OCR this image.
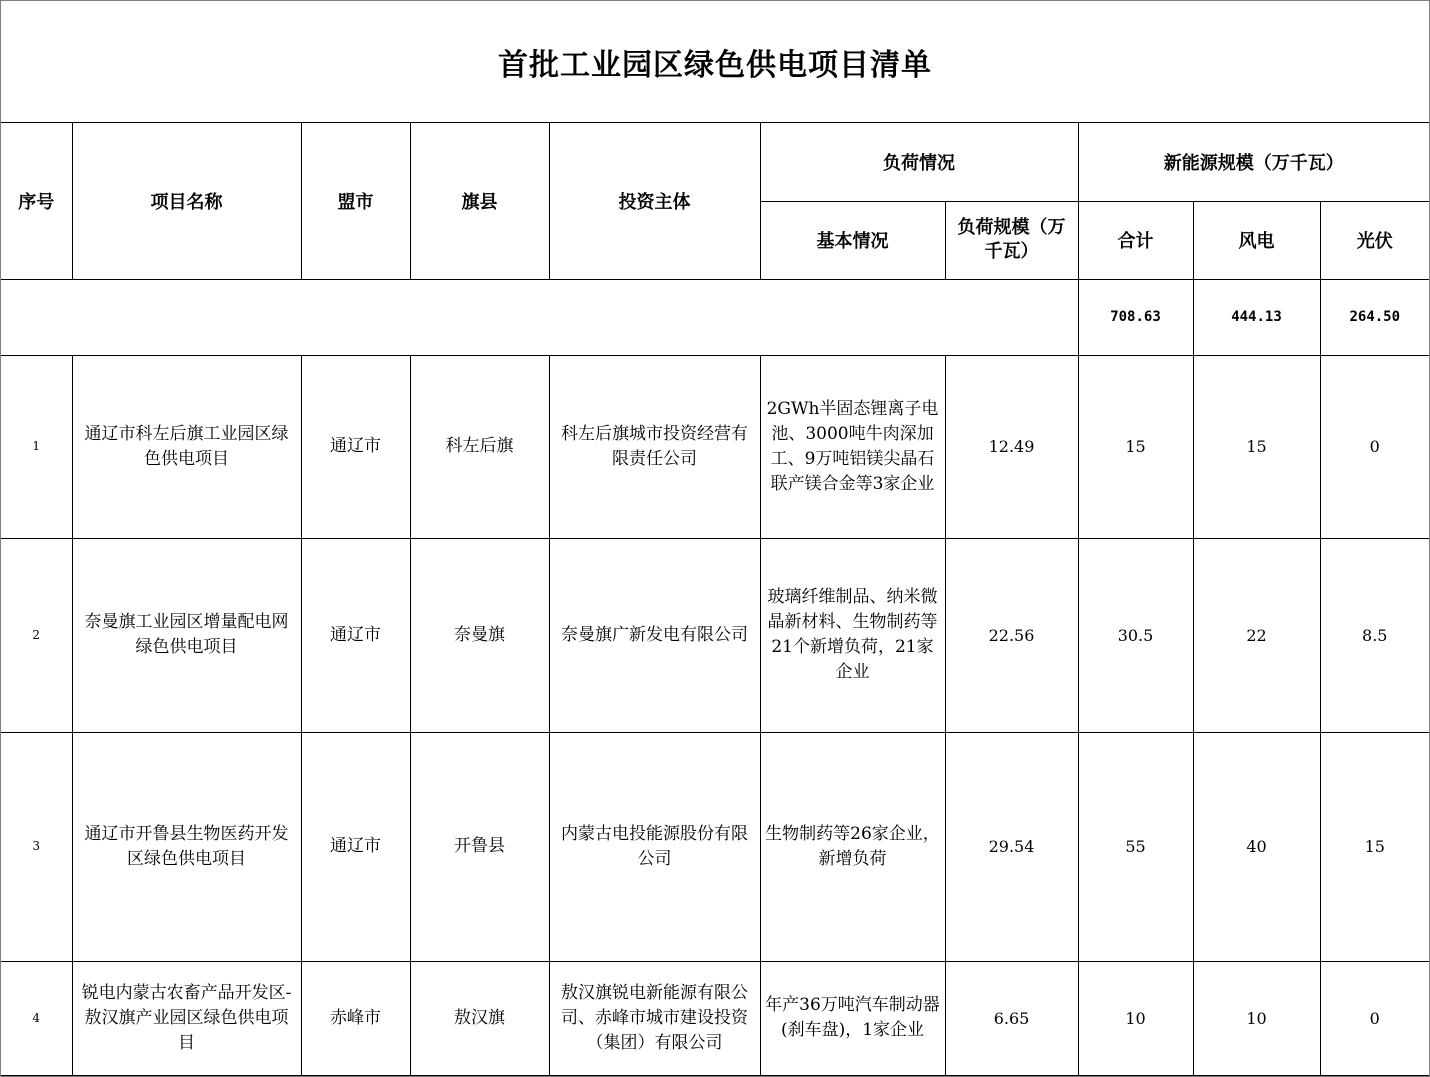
首批工业园区绿色供电项目清单
序号	项目名称	盟市	旗县	投资主体	负荷情况		新能源规模（万千瓦）		
					基本情况	负荷规模（万千瓦）	合计	风电	光伏
							708.63	444.13	264.50
1	通辽市科左后旗工业园区绿色供电项目	通辽市	科左后旗	科左后旗城市投资经营有限责任公司	2GWh半固态锂离子电池、3000吨牛肉深加工、9万吨铝镁尖晶石联产镁合金等3家企业	12.49	15	15	0
2	奈曼旗工业园区增量配电网绿色供电项目	通辽市	奈曼旗	奈曼旗广新发电有限公司	玻璃纤维制品、纳米微晶新材料、生物制药等21个新增负荷，21家企业	22.56	30.5	22	8.5
3	通辽市开鲁县生物医药开发区绿色供电项目	通辽市	开鲁县	内蒙古电投能源股份有限公司	生物制药等26家企业，新增负荷	29.54	55	40	15
4	锐电内蒙古农畜产品开发区-敖汉旗产业园区绿色供电项目	赤峰市	敖汉旗	敖汉旗锐电新能源有限公司、赤峰市城市建设投资（集团）有限公司	年产36万吨汽车制动器(刹车盘)，1家企业	6.65	10	10	0
